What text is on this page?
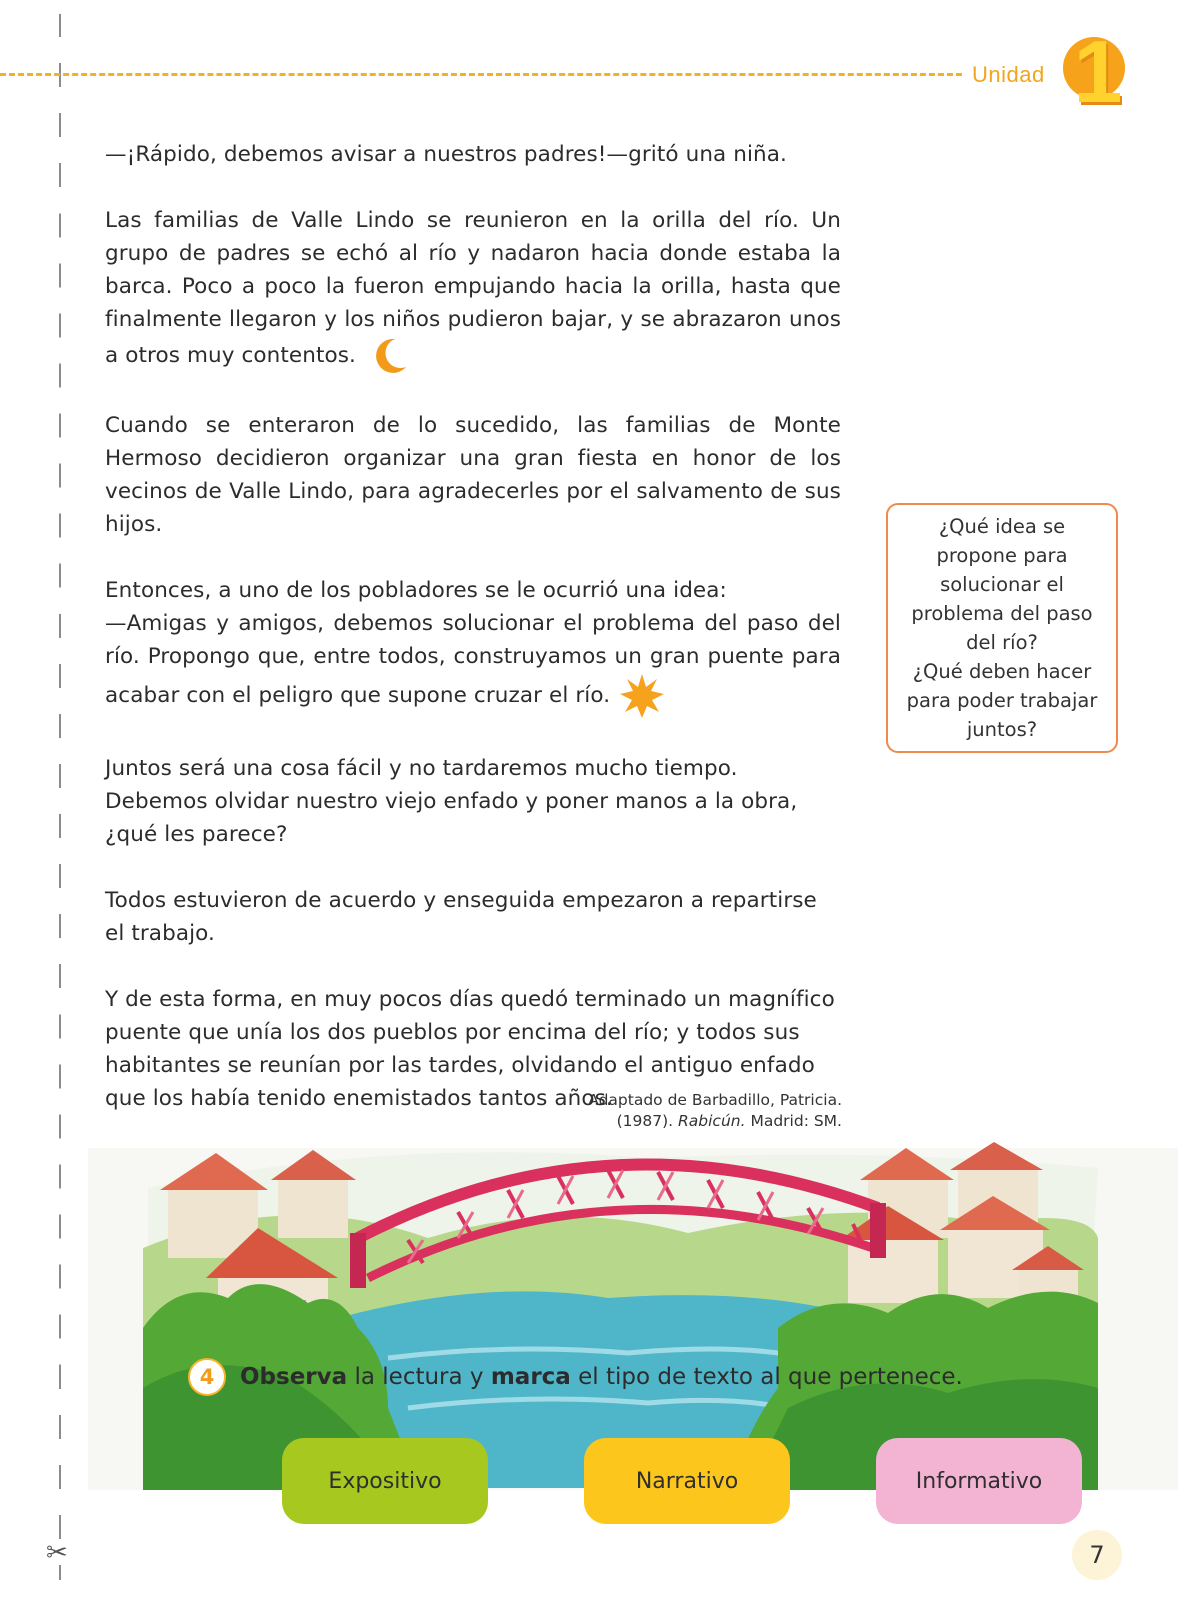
✂
Unidad 1

—¡Rápido, debemos avisar a nuestros padres!—gritó una niña.

Las familias de Valle Lindo se reunieron en la orilla del río. Un grupo de padres se echó al río y nadaron hacia donde estaba la barca. Poco a poco la fueron empujando hacia la orilla, hasta que finalmente llegaron y los niños pudieron bajar, y se abrazaron unos a otros muy contentos.

Cuando se enteraron de lo sucedido, las familias de Monte Hermoso decidieron organizar una gran fiesta en honor de los vecinos de Valle Lindo, para agradecerles por el salvamento de sus hijos.

Entonces, a uno de los pobladores se le ocurrió una idea:

—Amigas y amigos, debemos solucionar el problema del paso del río. Propongo que, entre todos, construyamos un gran puente para acabar con el peligro que supone cruzar el río.

Juntos será una cosa fácil y no tardaremos mucho tiempo. Debemos olvidar nuestro viejo enfado y poner manos a la obra, ¿qué les parece?

Todos estuvieron de acuerdo y enseguida empezaron a repartirse el trabajo.

Y de esta forma, en muy pocos días quedó terminado un magnífico puente que unía los dos pueblos por encima del río; y todos sus habitantes se reunían por las tardes, olvidando el antiguo enfado que los había tenido enemistados tantos años.

Adaptado de Barbadillo, Patricia.
(1987). Rabicún. Madrid: SM.
¿Qué idea se propone para solucionar el problema del paso del río?
¿Qué deben hacer para poder trabajar juntos?
4	Observa la lectura y marca el tipo de texto al que pertenece.
Expositivo	Narrativo	Informativo
7
